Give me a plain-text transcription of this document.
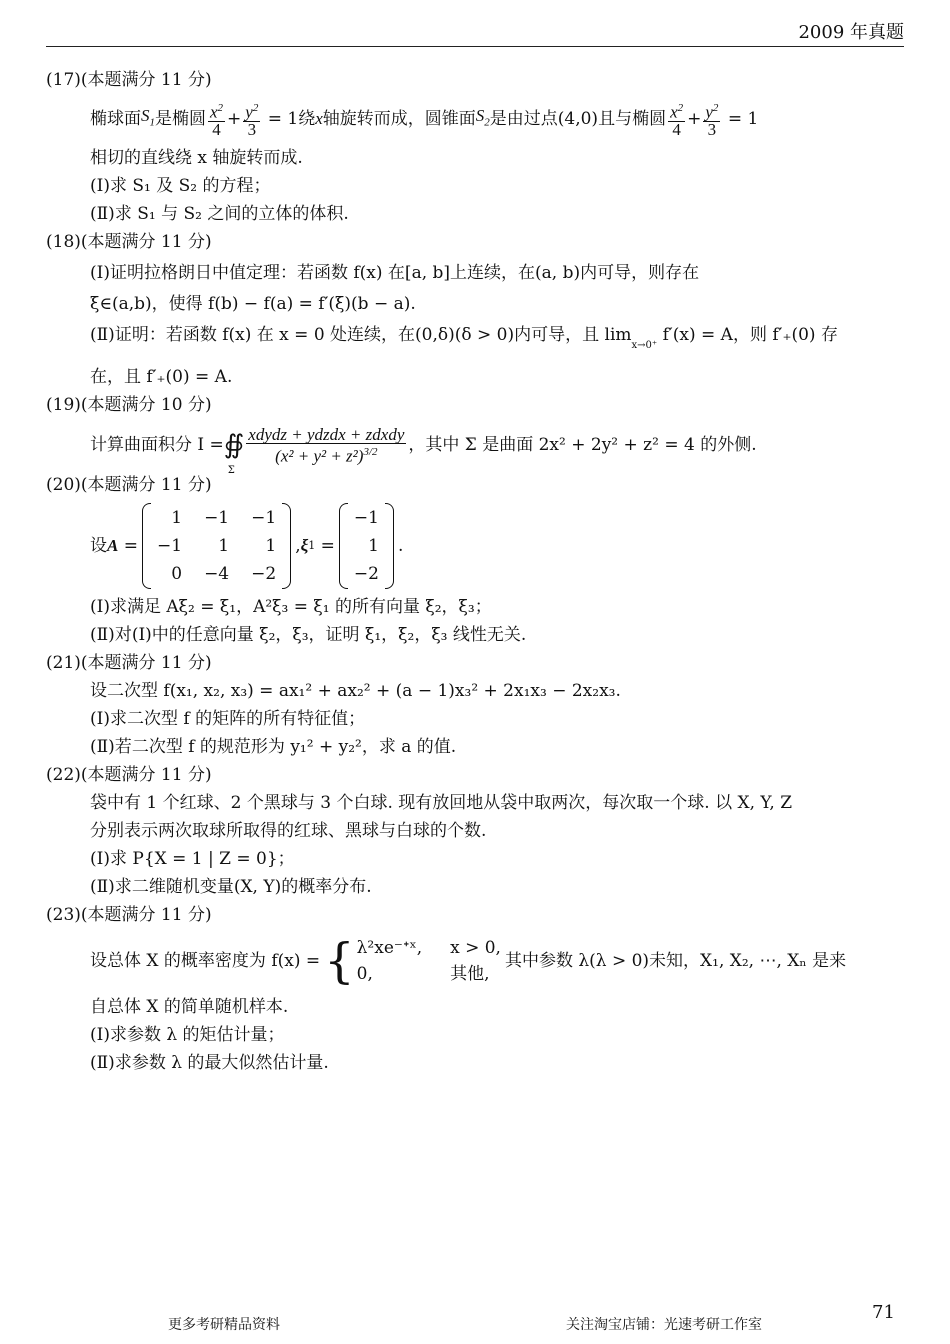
2009 年真题
(17)(本题满分 11 分)
椭球面 $S_1$ 是椭圆 $\frac{x^2}{4} + \frac{y^2}{3} = 1$ 绕 x 轴旋转而成，圆锥面 $S_2$ 是由过点(4,0)且与椭圆 $\frac{x^2}{4} + \frac{y^2}{3} = 1$
相切的直线绕 x 轴旋转而成.
(Ⅰ)求 S₁ 及 S₂ 的方程；
(Ⅱ)求 S₁ 与 S₂ 之间的立体的体积.
(18)(本题满分 11 分)
(Ⅰ)证明拉格朗日中值定理：若函数 f(x) 在[a, b]上连续，在(a, b)内可导，则存在
ξ∈(a,b)，使得 f(b) − f(a) = f′(ξ)(b − a).
(Ⅱ)证明：若函数 f(x) 在 x = 0 处连续，在(0,δ)(δ > 0)内可导，且 $\lim_{x\to 0^+} f'(x) = A$，则 f′₊(0) 存
在，且 f′₊(0) = A.
(19)(本题满分 10 分)
计算曲面积分 I = ∯
Σ
$\frac{\text{xdydz + ydzdx + zdxdy}}{(x^2 + y^2 + z^2)^{3/2}}$ ，其中 Σ 是曲面 2x² + 2y² + z² = 4 的外侧.
(20)(本题满分 11 分)
设 A =
1 −1 −1
−1	1	1
0 −4 −2
, ξ 1 =
−1
1
−2
.
(Ⅰ)求满足 Aξ₂ = ξ₁，A²ξ₃ = ξ₁ 的所有向量 ξ₂，ξ₃；
(Ⅱ)对(Ⅰ)中的任意向量 ξ₂，ξ₃，证明 ξ₁，ξ₂，ξ₃ 线性无关.
(21)(本题满分 11 分)
设二次型 f(x₁, x₂, x₃) = ax₁² + ax₂² + (a − 1)x₃² + 2x₁x₃ − 2x₂x₃.
(Ⅰ)求二次型 f 的矩阵的所有特征值；
(Ⅱ)若二次型 f 的规范形为 y₁² + y₂²，求 a 的值.
(22)(本题满分 11 分)
袋中有 1 个红球、2 个黑球与 3 个白球. 现有放回地从袋中取两次，每次取一个球. 以 X, Y, Z
分别表示两次取球所取得的红球、黑球与白球的个数.
(Ⅰ)求 P{X = 1 | Z = 0}；
(Ⅱ)求二维随机变量(X, Y)的概率分布.
(23)(本题满分 11 分)
设总体 X 的概率密度为 f(x) = { λ²xe⁻ᐩˣ, x > 0,
0,	其他,
其中参数 λ(λ > 0)未知，X₁, X₂, ⋯, Xₙ 是来
自总体 X 的简单随机样本.
(Ⅰ)求参数 λ 的矩估计量；
(Ⅱ)求参数 λ 的最大似然估计量.
71
更多考研精品资料	关注淘宝店铺：光速考研工作室
